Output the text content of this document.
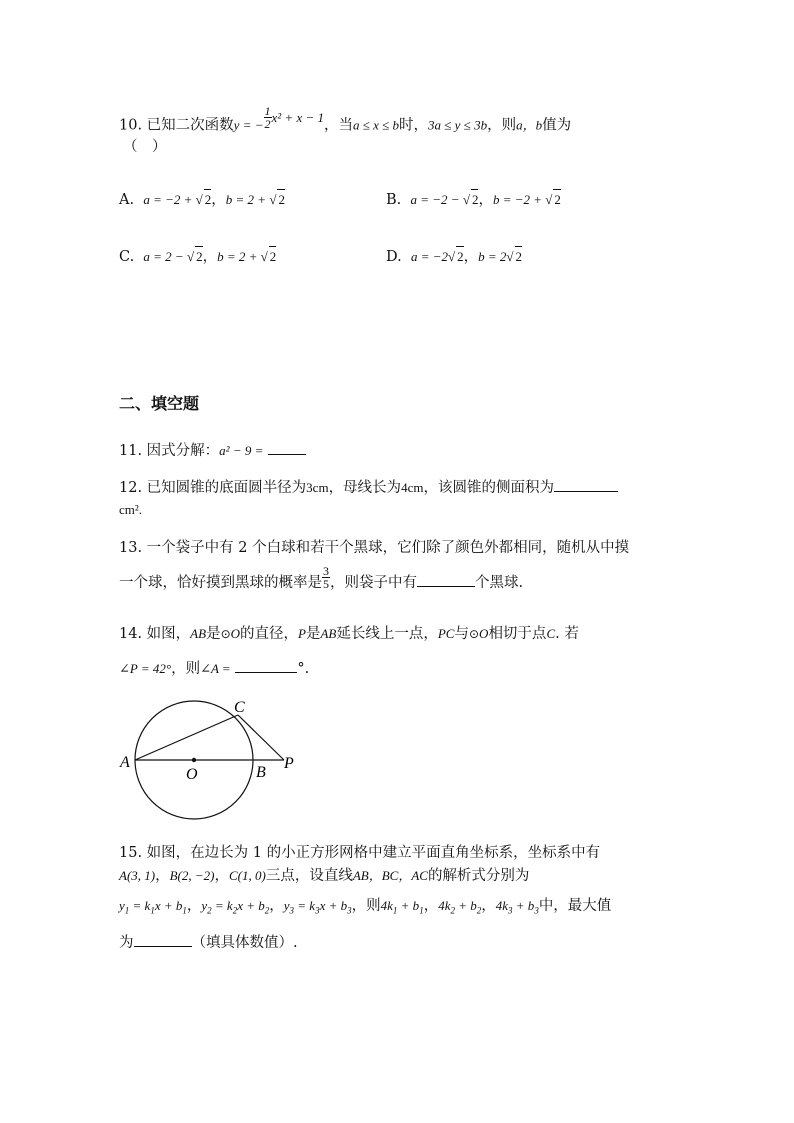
10. 已知二次函数y = − $\frac{1}{2} x^2 + x - 1$，当a ≤ x ≤ b时，3a ≤ y ≤ 3b，则a，b值为
（　）
A. a = −2 + √ 2，b = 2 + √ 2	B. a = −2 − √ 2，b = −2 + √ 2
C. a = 2 − √ 2，b = 2 + √ 2	D. a = −2√ 2，b = 2√ 2
二、填空题
11. 因式分解：a² − 9 =
12. 已知圆锥的底面圆半径为3cm，母线长为4cm，该圆锥的侧面积为
cm².
13. 一个袋子中有 2 个白球和若干个黑球，它们除了颜色外都相同，随机从中摸
一个球，恰好摸到黑球的概率是 $\frac{3}{5}$ ，则袋子中有	个黑球.
14. 如图，AB是⊙O的直径，P是AB延长线上一点，PC与⊙O相切于点C. 若
∠P = 42°，则∠A =	°.
A
O	B
C
P
15. 如图，在边长为 1 的小正方形网格中建立平面直角坐标系，坐标系中有
A(3, 1)，B(2, −2)，C(1, 0)三点，设直线AB，BC，AC的解析式分别为
$y_1 = k_1x + b_1$，$y_2 = k_2x + b_2$，$y_3 = k_3x + b_3$，则$4k_1 + b_1$，$4k_2 + b_2$，$4k_3 + b_3$中，最大值
为	（填具体数值）.
